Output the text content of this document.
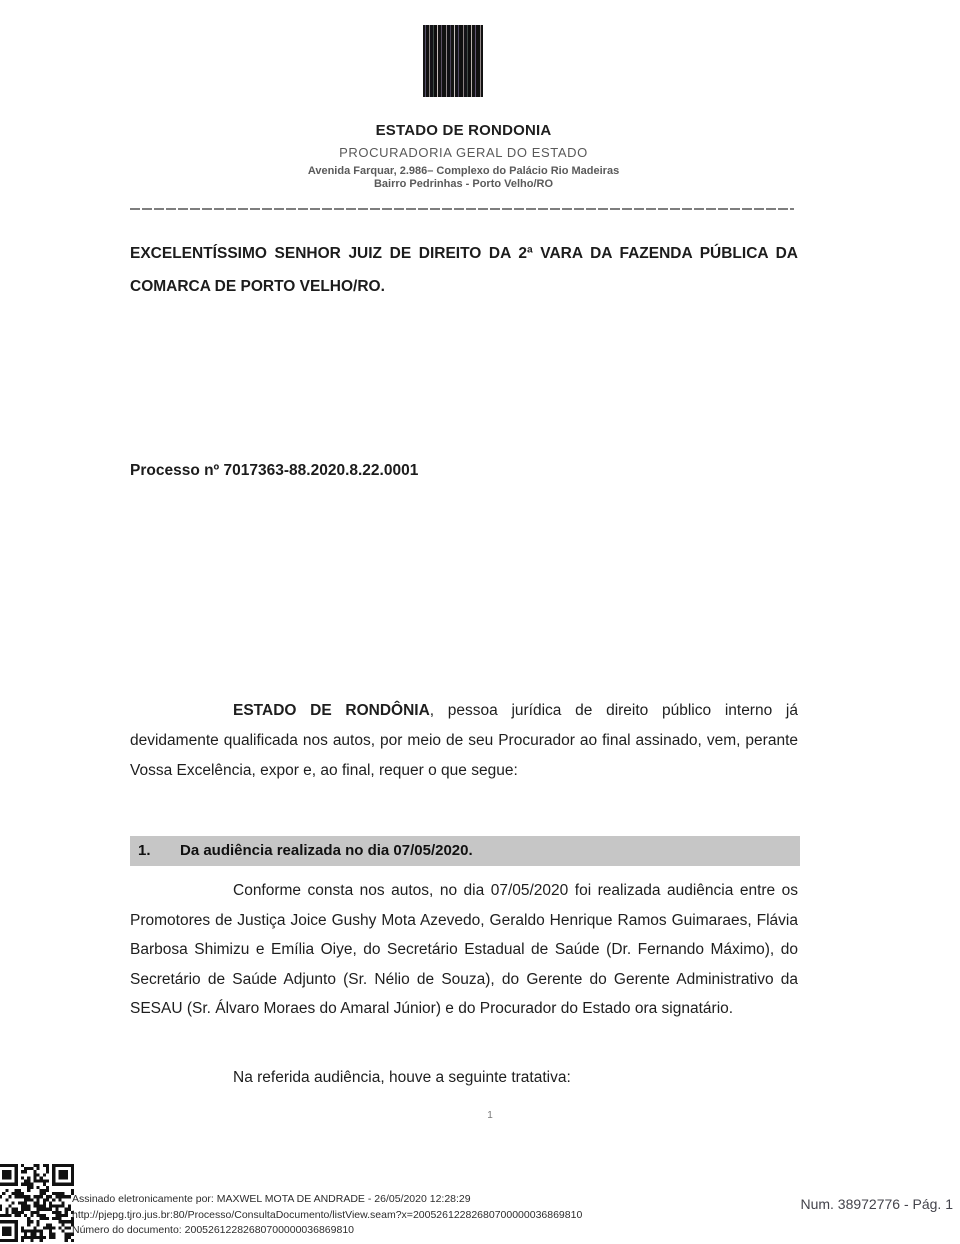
ESTADO DE RONDONIA
PROCURADORIA GERAL DO ESTADO
Avenida Farquar, 2.986– Complexo do Palácio Rio Madeiras
Bairro Pedrinhas - Porto Velho/RO

EXCELENTÍSSIMO SENHOR JUIZ DE DIREITO DA 2ª VARA DA FAZENDA PÚBLICA DA COMARCA DE PORTO VELHO/RO.

Processo nº 7017363-88.2020.8.22.0001

ESTADO DE RONDÔNIA, pessoa jurídica de direito público interno já devidamente qualificada nos autos, por meio de seu Procurador ao final assinado, vem, perante Vossa Excelência, expor e, ao final, requer o que segue:

1. Da audiência realizada no dia 07/05/2020.

Conforme consta nos autos, no dia 07/05/2020 foi realizada audiência entre os Promotores de Justiça Joice Gushy Mota Azevedo, Geraldo Henrique Ramos Guimaraes, Flávia Barbosa Shimizu e Emília Oiye, do Secretário Estadual de Saúde (Dr. Fernando Máximo), do Secretário de Saúde Adjunto (Sr. Nélio de Souza), do Gerente do Gerente Administrativo da SESAU (Sr. Álvaro Moraes do Amaral Júnior) e do Procurador do Estado ora signatário.

Na referida audiência, houve a seguinte tratativa:

1
Assinado eletronicamente por: MAXWEL MOTA DE ANDRADE - 26/05/2020 12:28:29
http://pjepg.tjro.jus.br:80/Processo/ConsultaDocumento/listView.seam?x=20052612282680700000036869810
Número do documento: 20052612282680700000036869810
Num. 38972776 - Pág. 1
